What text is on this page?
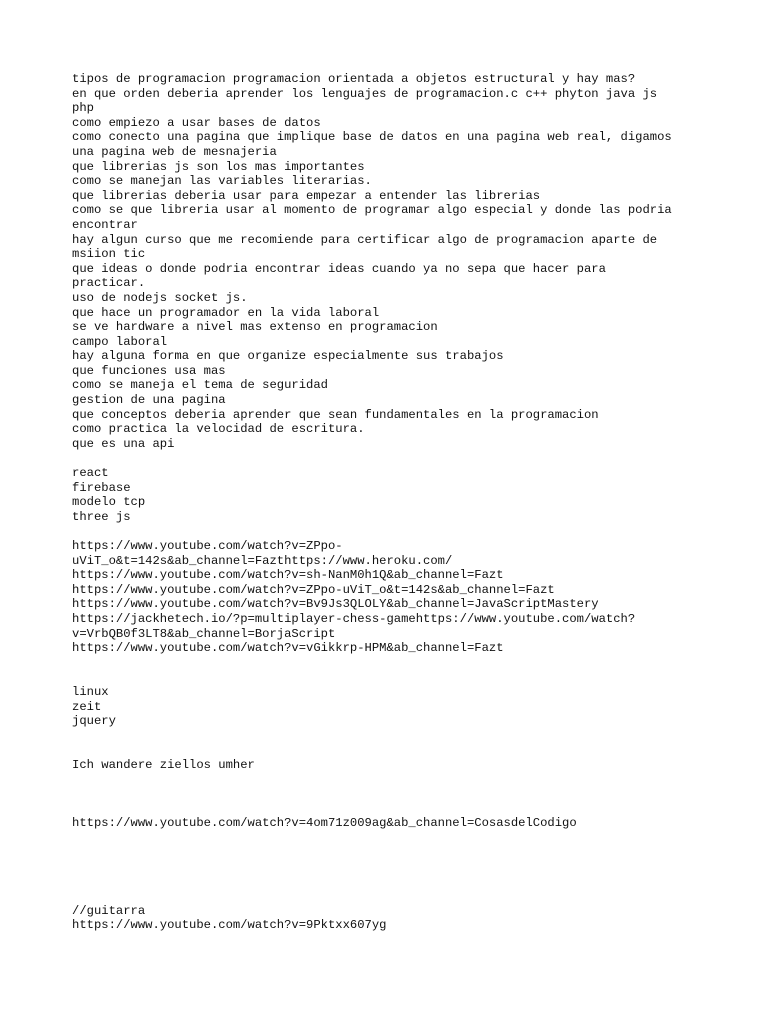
tipos de programacion programacion orientada a objetos estructural y hay mas?
en que orden deberia aprender los lenguajes de programacion.c c++ phyton java js
php
como empiezo a usar bases de datos
como conecto una pagina que implique base de datos en una pagina web real, digamos
una pagina web de mesnajeria
que librerias js son los mas importantes
como se manejan las variables literarias.
que librerias deberia usar para empezar a entender las librerias
como se que libreria usar al momento de programar algo especial y donde las podria
encontrar
hay algun curso que me recomiende para certificar algo de programacion aparte de
msiion tic
que ideas o donde podria encontrar ideas cuando ya no sepa que hacer para
practicar.
uso de nodejs socket js.
que hace un programador en la vida laboral
se ve hardware a nivel mas extenso en programacion
campo laboral
hay alguna forma en que organize especialmente sus trabajos
que funciones usa mas
como se maneja el tema de seguridad
gestion de una pagina
que conceptos deberia aprender que sean fundamentales en la programacion
como practica la velocidad de escritura.
que es una api
react
firebase
modelo tcp
three js
https://www.youtube.com/watch?v=ZPpo-
uViT_o&t=142s&ab_channel=Fazthttps://www.heroku.com/
https://www.youtube.com/watch?v=sh-NanM0h1Q&ab_channel=Fazt
https://www.youtube.com/watch?v=ZPpo-uViT_o&t=142s&ab_channel=Fazt
https://www.youtube.com/watch?v=Bv9Js3QLOLY&ab_channel=JavaScriptMastery
https://jackhetech.io/?p=multiplayer-chess-gamehttps://www.youtube.com/watch?
v=VrbQB0f3LT8&ab_channel=BorjaScript
https://www.youtube.com/watch?v=vGikkrp-HPM&ab_channel=Fazt
linux
zeit
jquery
Ich wandere ziellos umher
https://www.youtube.com/watch?v=4om71z009ag&ab_channel=CosasdelCodigo
//guitarra
https://www.youtube.com/watch?v=9Pktxx607yg
